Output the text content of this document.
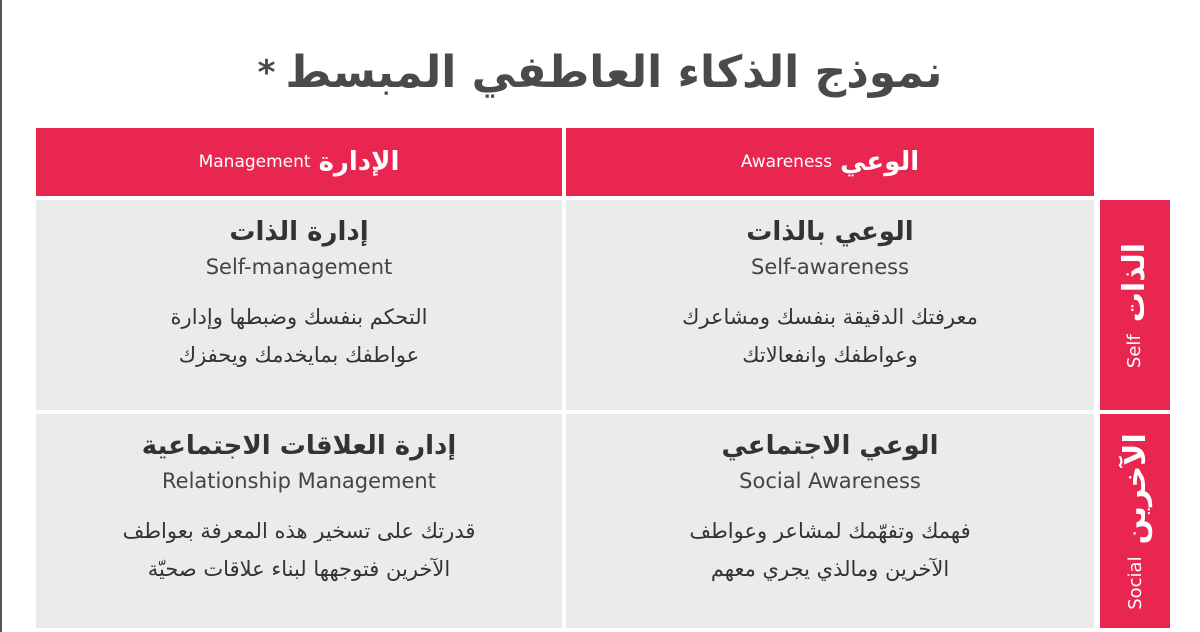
* نموذج الذكاء العاطفي المبسط
Management الإدارة	Awareness الوعي
إدارة الذات
Self-management
التحكم بنفسك وضبطها وإدارة
عواطفك بمايخدمك ويحفزك
الوعي بالذات
Self-awareness
معرفتك الدقيقة بنفسك ومشاعرك
وعواطفك وانفعالاتك
إدارة العلاقات الاجتماعية
Relationship Management
قدرتك على تسخير هذه المعرفة بعواطف
الآخرين فتوجهها لبناء علاقات صحيّة
الوعي الاجتماعي
Social Awareness
فهمك وتفهّمك لمشاعر وعواطف
الآخرين ومالذي يجري معهم
Self
الذات
Social
الآخرين
